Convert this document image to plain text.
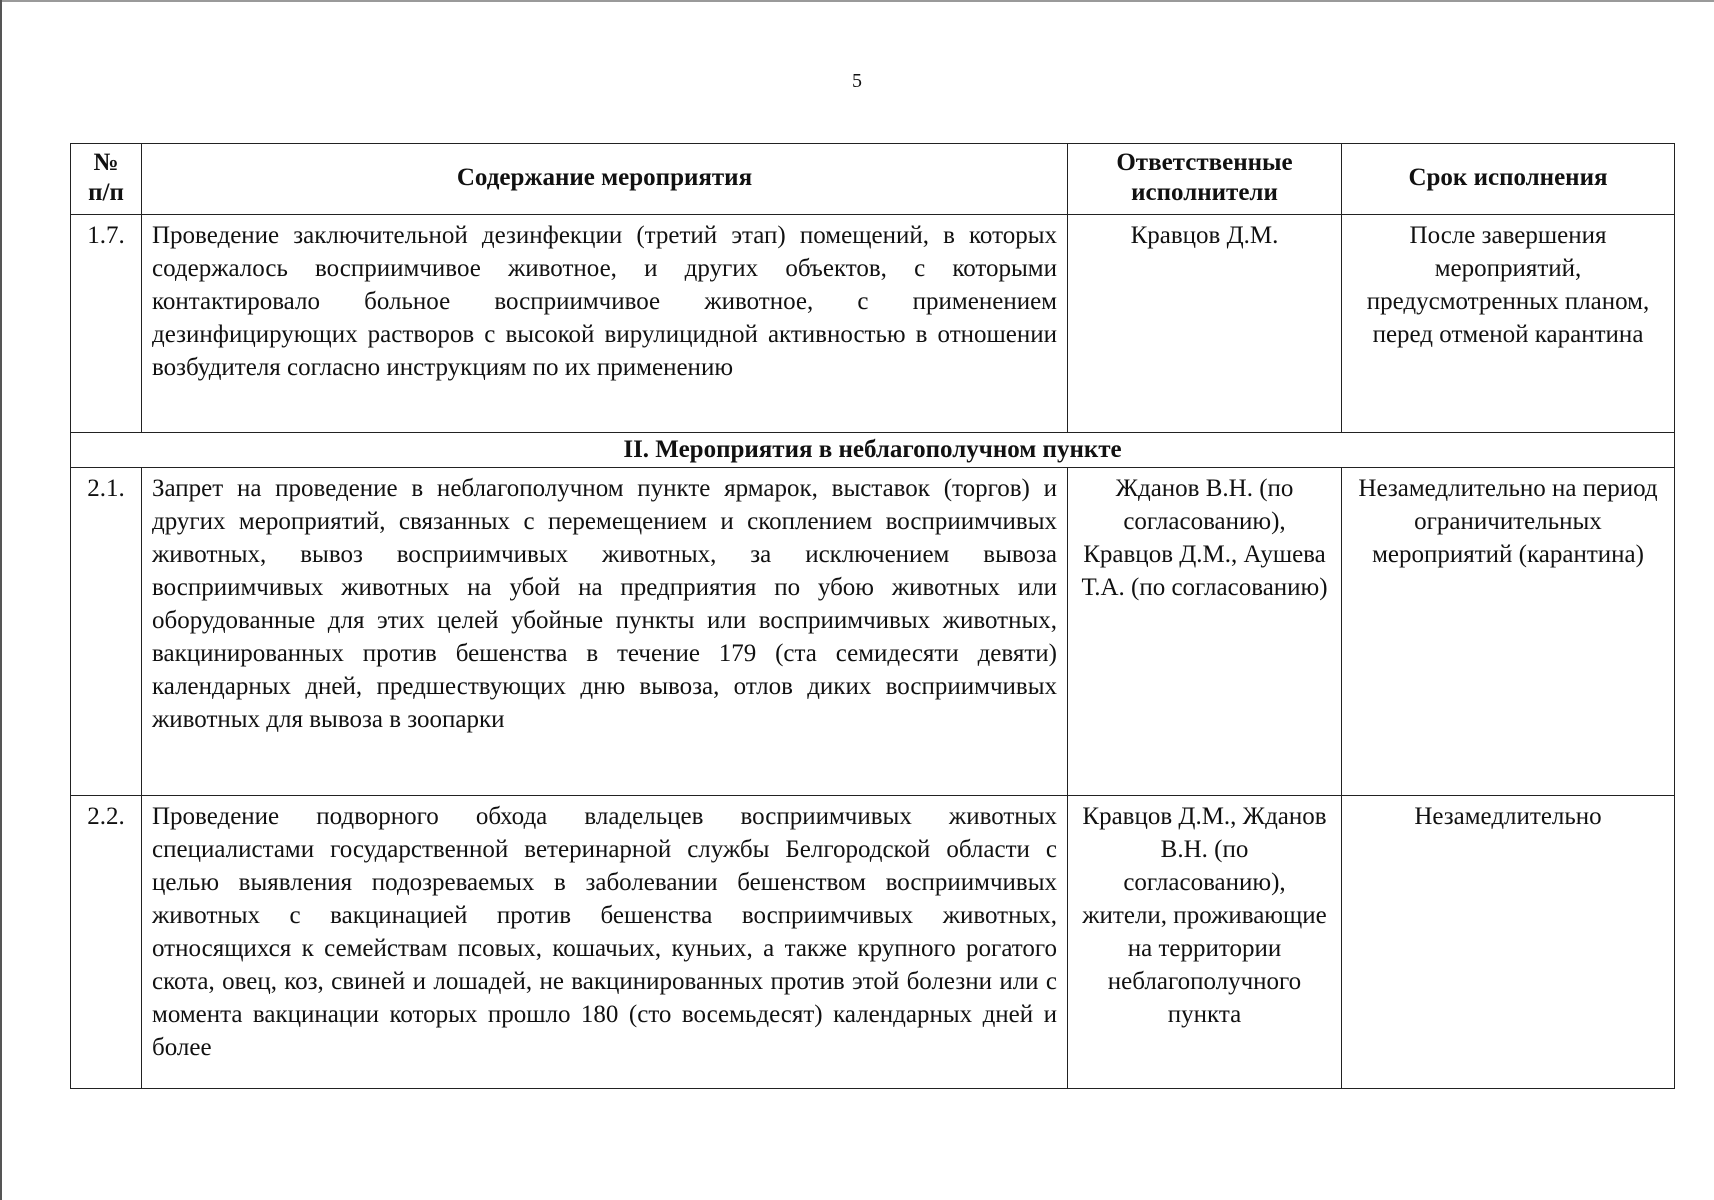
5
№ п/п	Содержание мероприятия	Ответственные исполнители	Срок исполнения
1.7.	Проведение заключительной дезинфекции (третий этап) помещений, в которых содержалось восприимчивое животное, и других объектов, с которыми контактировало больное восприимчивое животное, с применением дезинфицирующих растворов с высокой вирулицидной активностью в отношении возбудителя согласно инструкциям по их применению	Кравцов Д.М.	После завершения мероприятий, предусмотренных планом, перед отменой карантина
II. Мероприятия в неблагополучном пункте			
2.1.	Запрет на проведение в неблагополучном пункте ярмарок, выставок (торгов) и других мероприятий, связанных с перемещением и скоплением восприимчивых животных, вывоз восприимчивых животных, за исключением вывоза восприимчивых животных на убой на предприятия по убою животных или оборудованные для этих целей убойные пункты или восприимчивых животных, вакцинированных против бешенства в течение 179 (ста семидесяти девяти) календарных дней, предшествующих дню вывоза, отлов диких восприимчивых животных для вывоза в зоопарки	Жданов В.Н. (по согласованию), Кравцов Д.М., Аушева Т.А. (по согласованию)	Незамедлительно на период ограничительных мероприятий (карантина)
2.2.	Проведение подворного обхода владельцев восприимчивых животных специалистами государственной ветеринарной службы Белгородской области с целью выявления подозреваемых в заболевании бешенством восприимчивых животных с вакцинацией против бешенства восприимчивых животных, относящихся к семействам псовых, кошачьих, куньих, а также крупного рогатого скота, овец, коз, свиней и лошадей, не вакцинированных против этой болезни или с момента вакцинации которых прошло 180 (сто восемьдесят) календарных дней и более	Кравцов Д.М., Жданов В.Н. (по согласованию), жители, проживающие на территории неблагополучного пункта	Незамедлительно
